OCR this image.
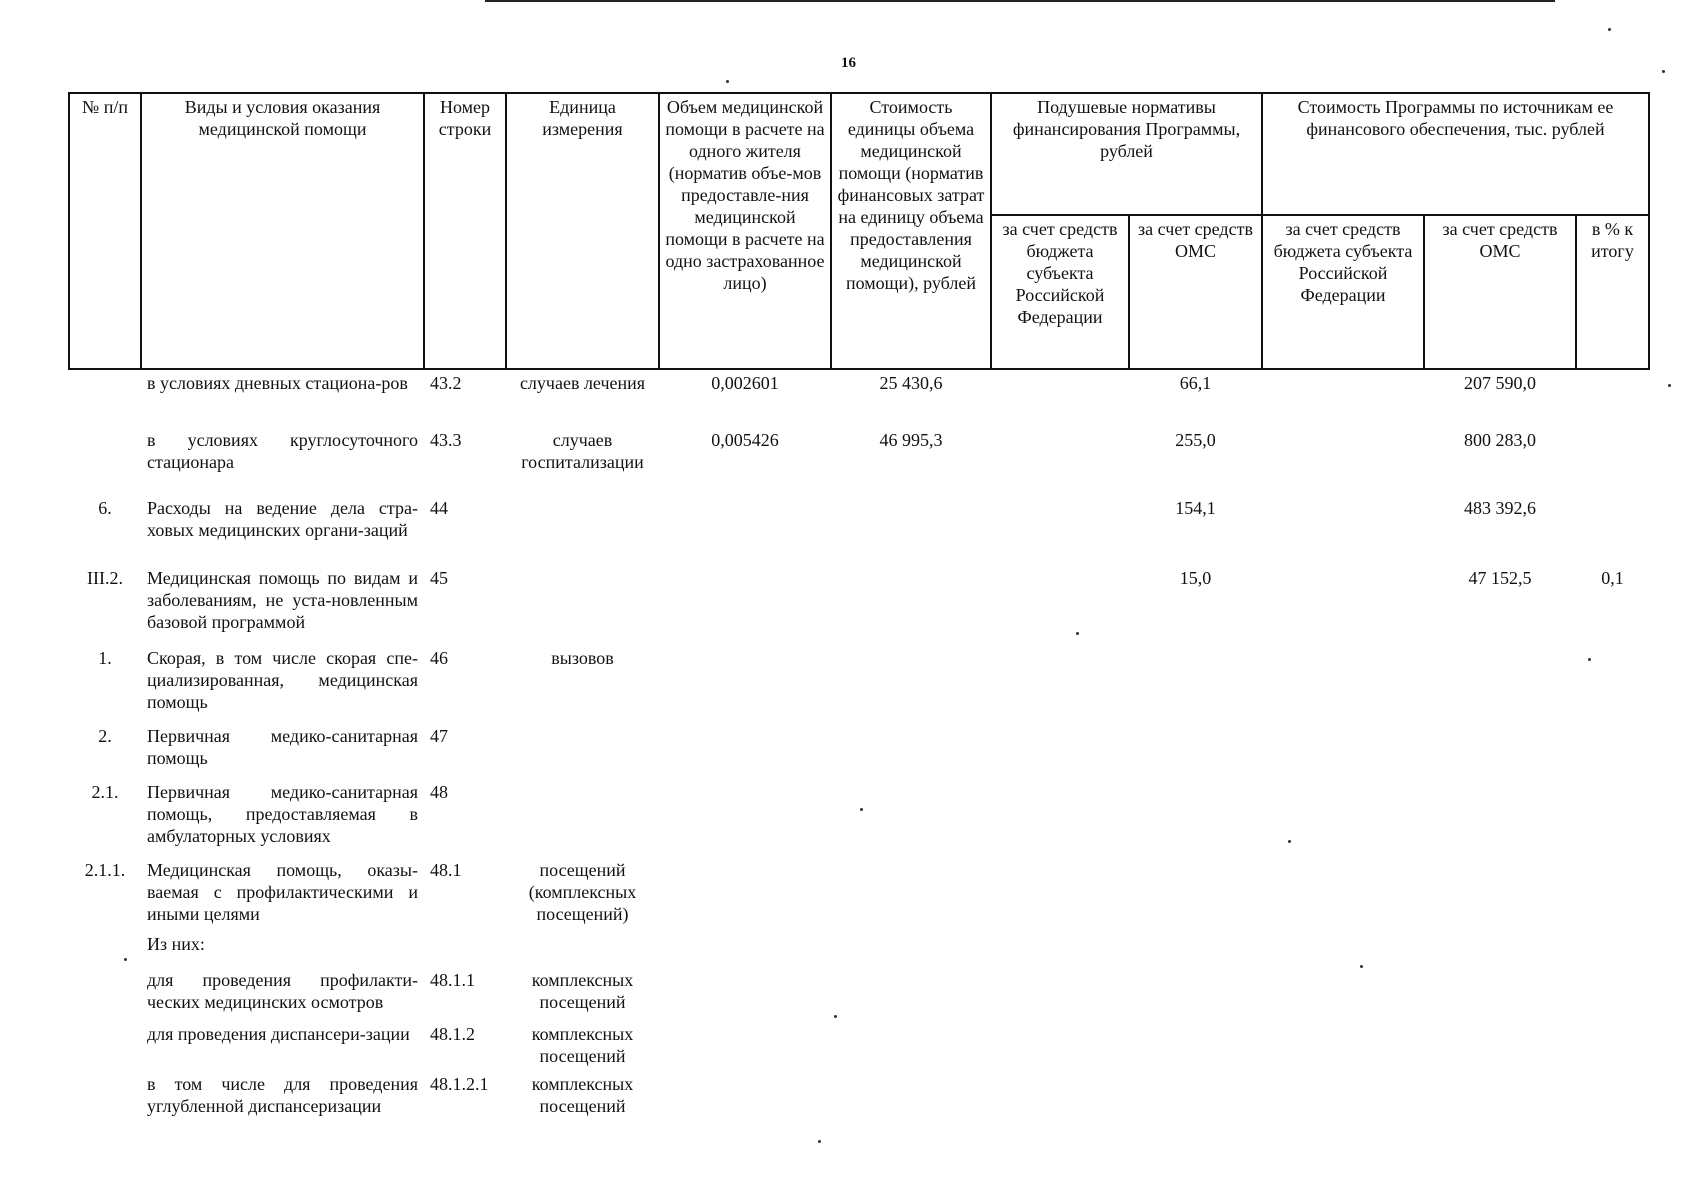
16
№ п/п	Виды и условия оказания медицинской помощи	Номер строки	Единица измерения	Объем медицинской помощи в расчете на одного жителя (норматив объе-мов предоставле-ния медицинской помощи в расчете на одно застрахованное лицо)	Стоимость единицы объема медицинской помощи (норматив финансовых затрат на единицу объема предоставления медицинской помощи), рублей	Подушевые нормативы финансирования Программы, рублей		Стоимость Программы по источникам ее финансового обеспечения, тыс. рублей		
						за счет средств бюджета субъекта Российской Федерации	за счет средств ОМС	за счет средств бюджета субъекта Российской Федерации	за счет средств ОМС	в % к итогу
	в условиях дневных стациона-ров	43.2	случаев лечения	0,002601	25 430,6		66,1		207 590,0	
	в условиях круглосуточного стационара	43.3	случаев госпитализации	0,005426	46 995,3		255,0		800 283,0	
6.	Расходы на ведение дела стра-ховых медицинских органи-заций	44					154,1		483 392,6	
III.2.	Медицинская помощь по видам и заболеваниям, не уста-новленным базовой программой	45					15,0		47 152,5	0,1
1.	Скорая, в том числе скорая спе-циализированная, медицинская помощь	46	вызовов							
2.	Первичная медико-санитарная помощь	47								
2.1.	Первичная медико-санитарная помощь, предоставляемая в амбулаторных условиях	48								
2.1.1.	Медицинская помощь, оказы-ваемая с профилактическими и иными целями	48.1	посещений (комплексных посещений)							
	Из них:									
	для проведения профилакти-ческих медицинских осмотров	48.1.1	комплексных посещений							
	для проведения диспансери-зации	48.1.2	комплексных посещений							
	в том числе для проведения углубленной диспансеризации	48.1.2.1	комплексных посещений							
